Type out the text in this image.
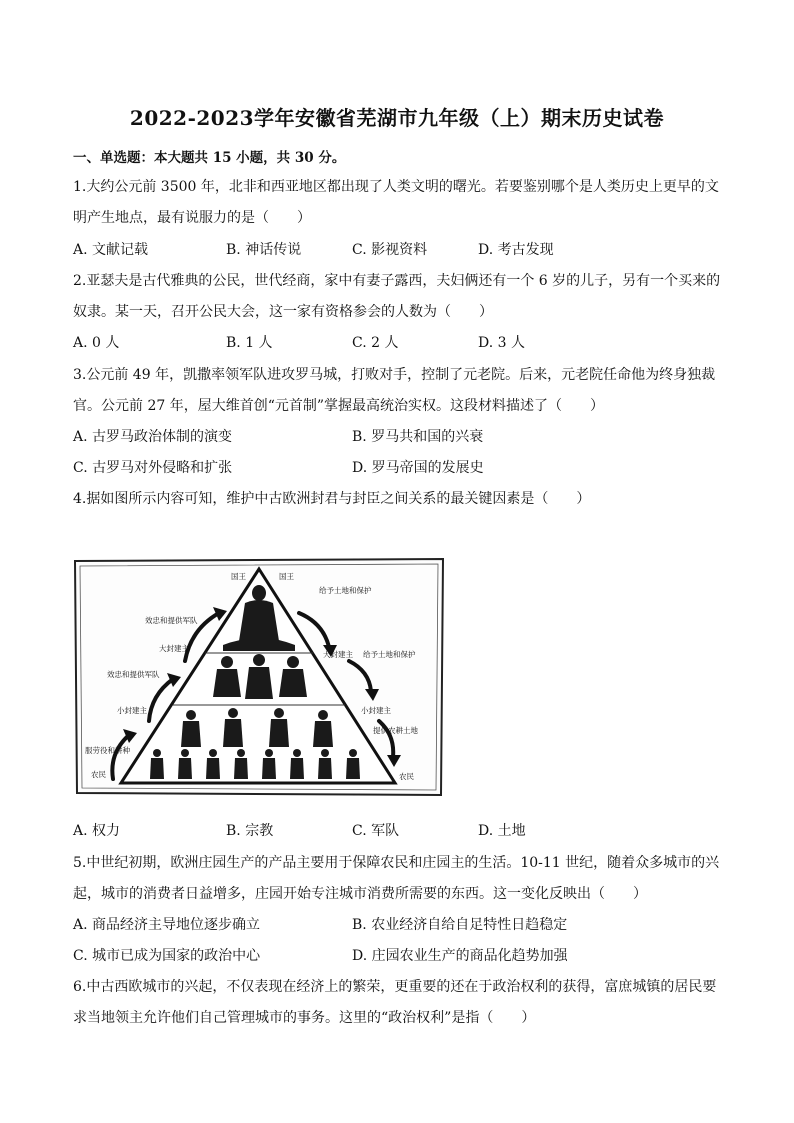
2022-2023学年安徽省芜湖市九年级（上）期末历史试卷
一、单选题：本大题共 15 小题，共 30 分。
1.大约公元前 3500 年，北非和西亚地区都出现了人类文明的曙光。若要鉴别哪个是人类历史上更早的文
明产生地点，最有说服力的是（　　）
A. 文献记载	B. 神话传说	C. 影视资料	D. 考古发现
2.亚瑟夫是古代雅典的公民，世代经商，家中有妻子露西，夫妇俩还有一个 6 岁的儿子，另有一个买来的
奴隶。某一天，召开公民大会，这一家有资格参会的人数为（　　）
A. 0 人	B. 1 人	C. 2 人	D. 3 人
3.公元前 49 年，凯撒率领军队进攻罗马城，打败对手，控制了元老院。后来，元老院任命他为终身独裁
官。公元前 27 年，屋大维首创“元首制”掌握最高统治实权。这段材料描述了（　　）
A. 古罗马政治体制的演变	B. 罗马共和国的兴衰
C. 古罗马对外侵略和扩张	D. 罗马帝国的发展史
4.据如图所示内容可知，维护中古欧洲封君与封臣之间关系的最关键因素是（　　）
国王
效忠和提供军队
大封建主
效忠和提供军队
小封建主
服劳役和耕种
农民
国王
给予土地和保护
大封建主 给予土地和保护
小封建主
提供农耕土地
农民
A. 权力	B. 宗教	C. 军队	D. 土地
5.中世纪初期，欧洲庄园生产的产品主要用于保障农民和庄园主的生活。10-11 世纪，随着众多城市的兴
起，城市的消费者日益增多，庄园开始专注城市消费所需要的东西。这一变化反映出（　　）
A. 商品经济主导地位逐步确立	B. 农业经济自给自足特性日趋稳定
C. 城市已成为国家的政治中心	D. 庄园农业生产的商品化趋势加强
6.中古西欧城市的兴起，不仅表现在经济上的繁荣，更重要的还在于政治权利的获得，富庶城镇的居民要
求当地领主允许他们自己管理城市的事务。这里的“政治权利”是指（　　）
